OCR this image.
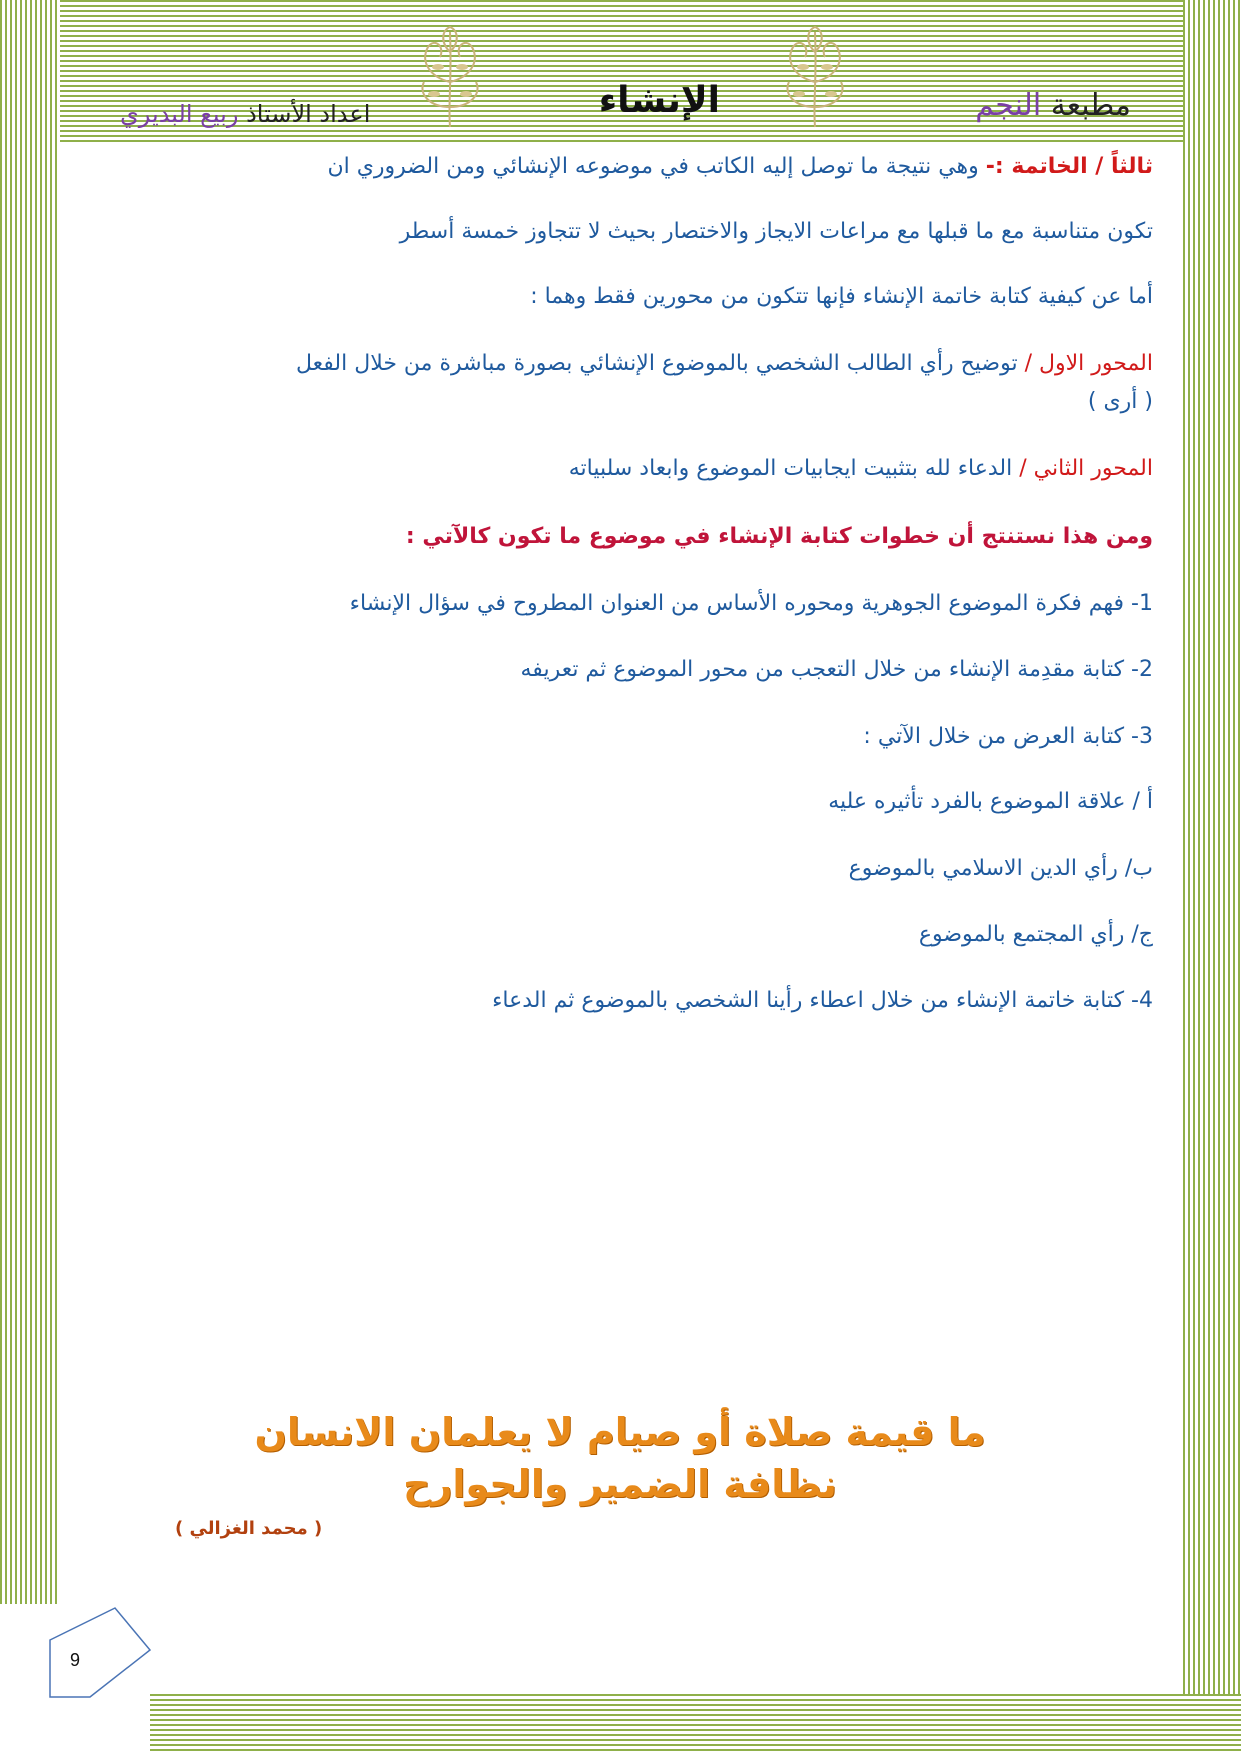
مطبعة النجم
الإنشاء
اعداد الأستاذ ربيع البديري
ثالثاً / الخاتمة :- وهي نتيجة ما توصل إليه الكاتب في موضوعه الإنشائي ومن الضروري ان
تكون متناسبة مع ما قبلها مع مراعات الايجاز والاختصار بحيث لا تتجاوز خمسة أسطر
أما عن كيفية كتابة خاتمة الإنشاء فإنها تتكون من محورين فقط وهما :
المحور الاول / توضيح رأي الطالب الشخصي بالموضوع الإنشائي بصورة مباشرة من خلال الفعل
( أرى )
المحور الثاني / الدعاء لله بتثبيت ايجابيات الموضوع وابعاد سلبياته
ومن هذا نستنتج أن خطوات كتابة الإنشاء في موضوع ما تكون كالآتي :
1- فهم فكرة الموضوع الجوهرية ومحوره الأساس من العنوان المطروح في سؤال الإنشاء
2- كتابة مقدِمة الإنشاء من خلال التعجب من محور الموضوع ثم تعريفه
3- كتابة العرض من خلال الآتي :
أ / علاقة الموضوع بالفرد تأثيره عليه
ب/ رأي الدين الاسلامي بالموضوع
ج/ رأي المجتمع بالموضوع
4- كتابة خاتمة الإنشاء من خلال اعطاء رأينا الشخصي بالموضوع ثم الدعاء
ما قيمة صلاة أو صيام لا يعلمان الانسان
نظافة الضمير والجوارح
( محمد الغزالي )
9
